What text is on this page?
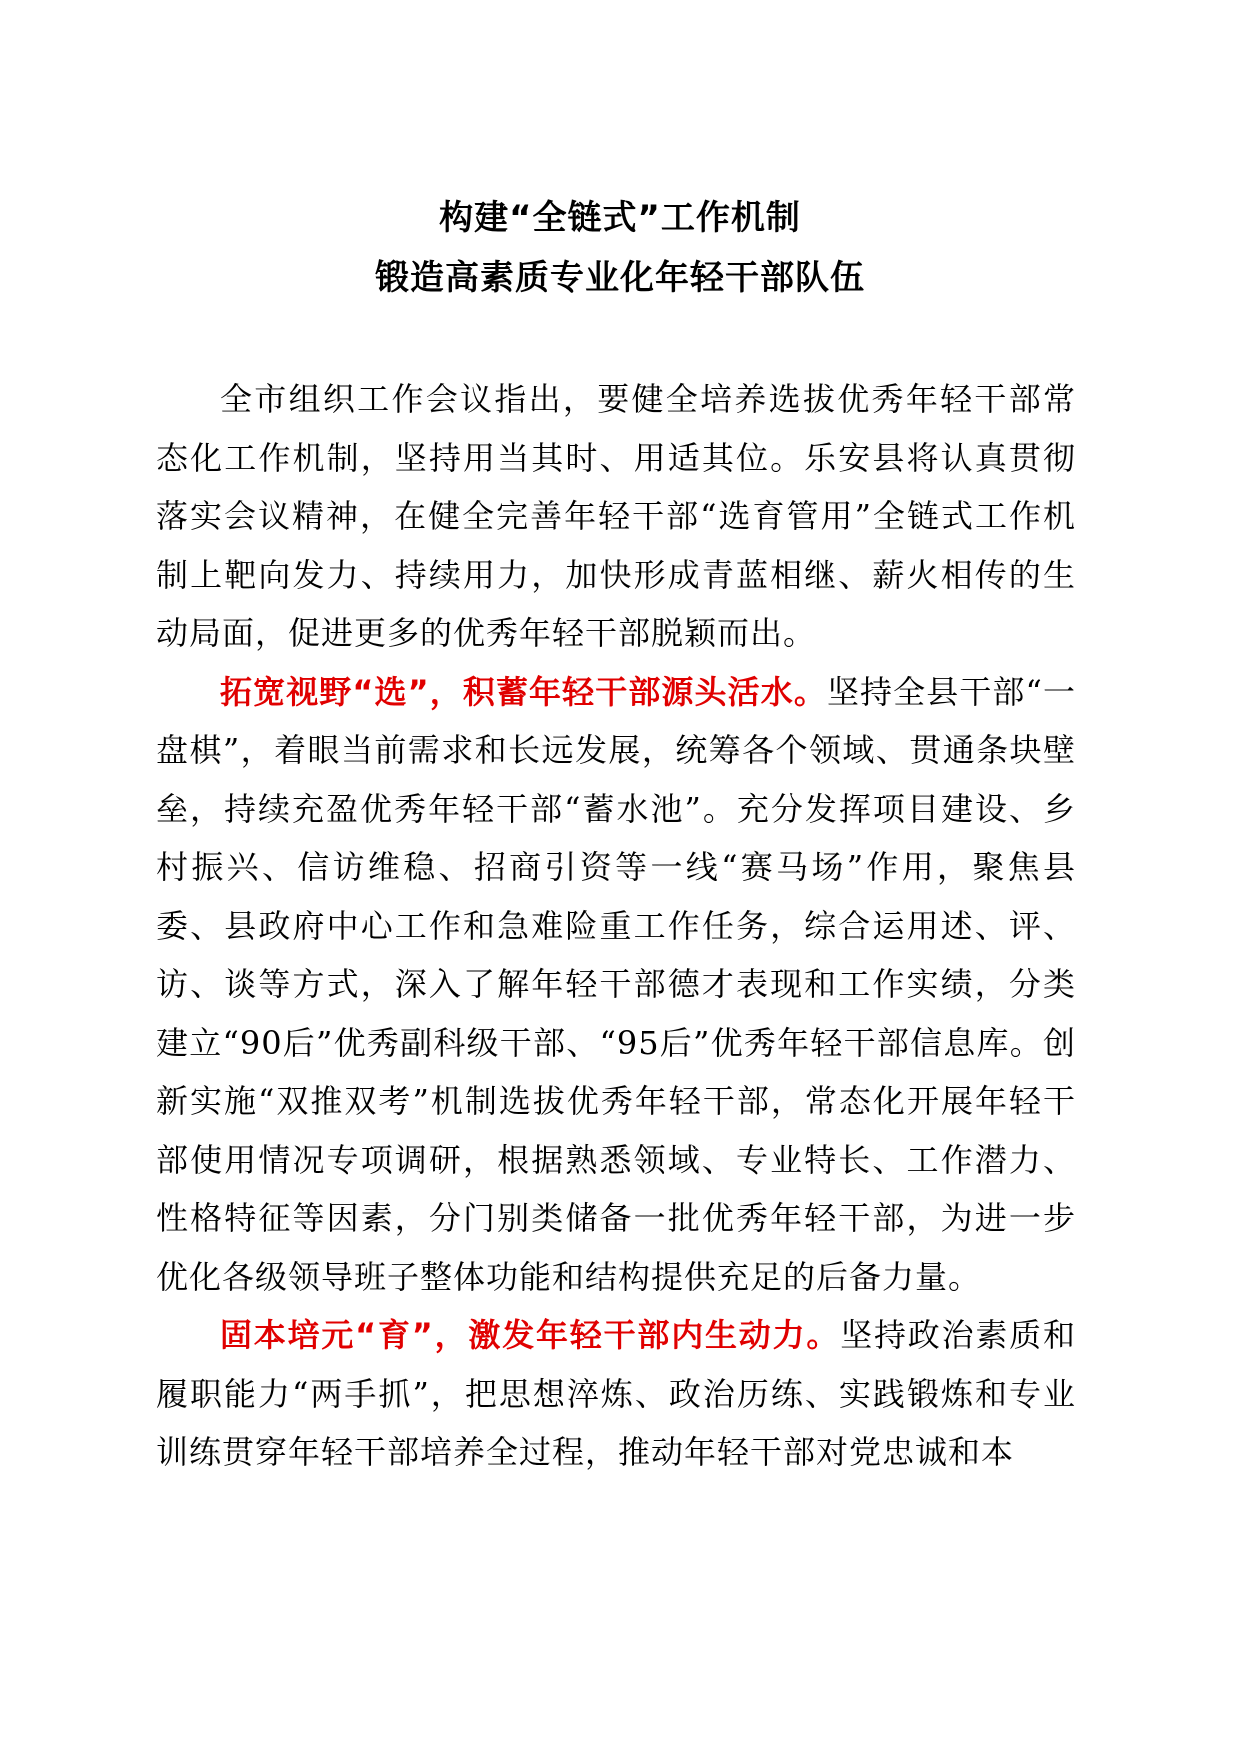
构建“全链式”工作机制
锻造高素质专业化年轻干部队伍

全市组织工作会议指出，要健全培养选拔优秀年轻干部常态化工作机制，坚持用当其时、用适其位。乐安县将认真贯彻落实会议精神，在健全完善年轻干部“选育管用”全链式工作机制上靶向发力、持续用力，加快形成青蓝相继、薪火相传的生动局面，促进更多的优秀年轻干部脱颖而出。

拓宽视野“选”，积蓄年轻干部源头活水。坚持全县干部“一盘棋”，着眼当前需求和长远发展，统筹各个领域、贯通条块壁垒，持续充盈优秀年轻干部“蓄水池”。充分发挥项目建设、乡村振兴、信访维稳、招商引资等一线“赛马场”作用，聚焦县委、县政府中心工作和急难险重工作任务，综合运用述、评、访、谈等方式，深入了解年轻干部德才表现和工作实绩，分类建立“90后”优秀副科级干部、“95后”优秀年轻干部信息库。创新实施“双推双考”机制选拔优秀年轻干部，常态化开展年轻干部使用情况专项调研，根据熟悉领域、专业特长、工作潜力、性格特征等因素，分门别类储备一批优秀年轻干部，为进一步优化各级领导班子整体功能和结构提供充足的后备力量。

固本培元“育”，激发年轻干部内生动力。坚持政治素质和履职能力“两手抓”，把思想淬炼、政治历练、实践锻炼和专业训练贯穿年轻干部培养全过程，推动年轻干部对党忠诚和本
